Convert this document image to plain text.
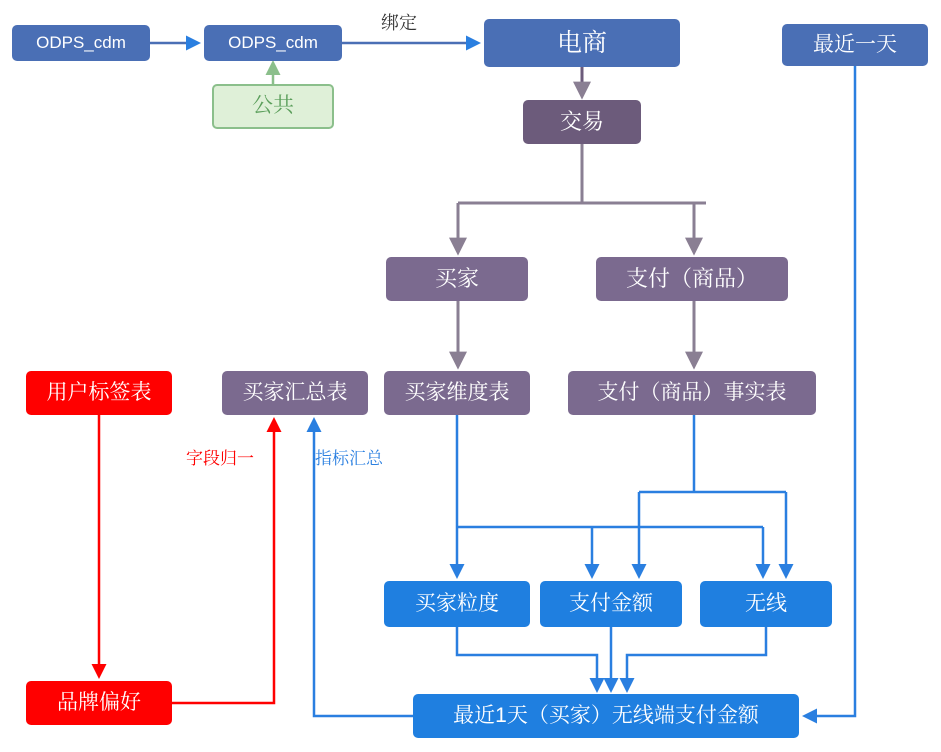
ODPS_cdm	ODPS_cdm
公共
电商	最近一天
交易
买家	支付（商品）
买家汇总表	买家维度表	支付（商品）事实表
用户标签表
品牌偏好
买家粒度	支付金额	无线
最近1天（买家）无线端支付金额
绑定
字段归一	指标汇总
